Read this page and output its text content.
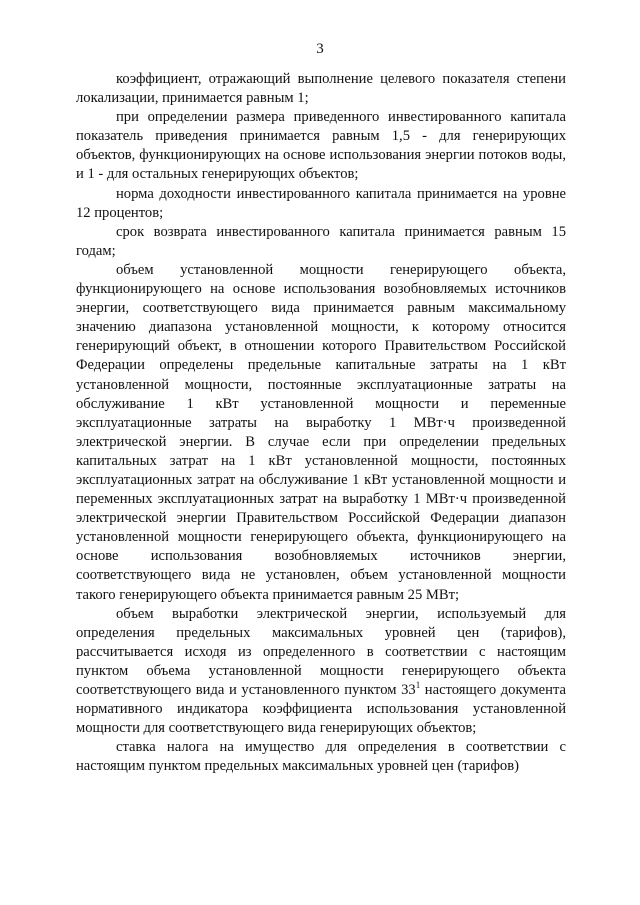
3

коэффициент, отражающий выполнение целевого показателя степени локализации, принимается равным 1;

при определении размера приведенного инвестированного капитала показатель приведения принимается равным 1,5 - для генерирующих объектов, функционирующих на основе использования энергии потоков воды, и 1 - для остальных генерирующих объектов;

норма доходности инвестированного капитала принимается на уровне 12 процентов;

срок возврата инвестированного капитала принимается равным 15 годам;

объем установленной мощности генерирующего объекта, функционирующего на основе использования возобновляемых источников энергии, соответствующего вида принимается равным максимальному значению диапазона установленной мощности, к которому относится генерирующий объект, в отношении которого Правительством Российской Федерации определены предельные капитальные затраты на 1 кВт установленной мощности, постоянные эксплуатационные затраты на обслуживание 1 кВт установленной мощности и переменные эксплуатационные затраты на выработку 1 МВт·ч произведенной электрической энергии. В случае если при определении предельных капитальных затрат на 1 кВт установленной мощности, постоянных эксплуатационных затрат на обслуживание 1 кВт установленной мощности и переменных эксплуатационных затрат на выработку 1 МВт·ч произведенной электрической энергии Правительством Российской Федерации диапазон установленной мощности генерирующего объекта, функционирующего на основе использования возобновляемых источников энергии, соответствующего вида не установлен, объем установленной мощности такого генерирующего объекта принимается равным 25 МВт;

объем выработки электрической энергии, используемый для определения предельных максимальных уровней цен (тарифов), рассчитывается исходя из определенного в соответствии с настоящим пунктом объема установленной мощности генерирующего объекта соответствующего вида и установленного пунктом $33^1$ настоящего документа нормативного индикатора коэффициента использования установленной мощности для соответствующего вида генерирующих объектов;

ставка налога на имущество для определения в соответствии с настоящим пунктом предельных максимальных уровней цен (тарифов)
